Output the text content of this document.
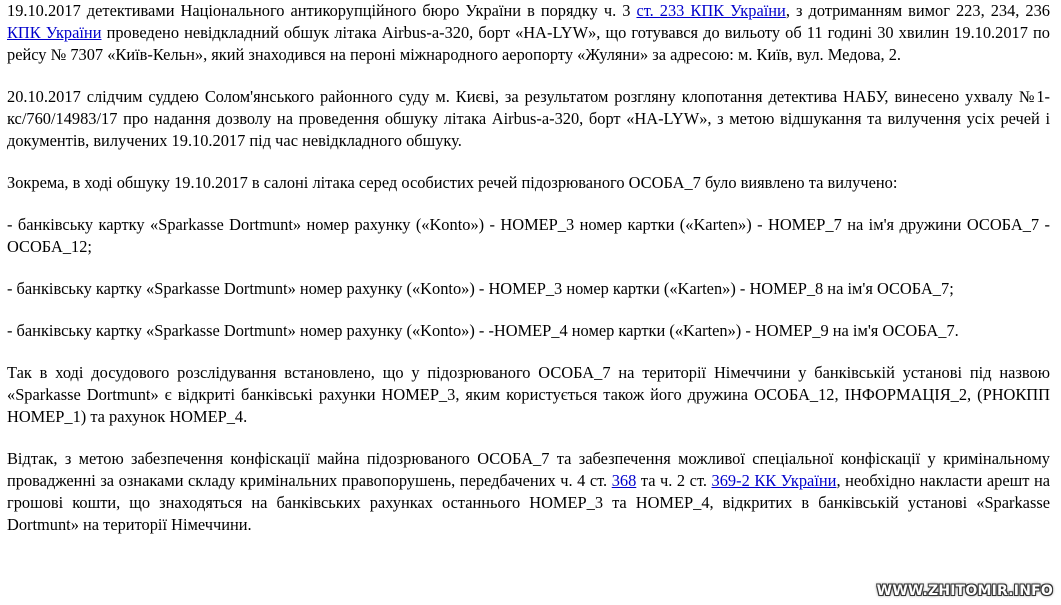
19.10.2017 детективами Національного антикорупційного бюро України в порядку ч. 3 ст. 233 КПК України, з дотриманням вимог 223, 234, 236 КПК України проведено невідкладний обшук літака Airbus-a-320, борт «HA-LYW», що готувався до вильоту об 11 годині 30 хвилин 19.10.2017 по рейсу № 7307 «Київ-Кельн», який знаходився на пероні міжнародного аеропорту «Жуляни» за адресою: м. Київ, вул. Медова, 2.

20.10.2017 слідчим суддею Солом'янського районного суду м. Києві, за результатом розгляну клопотання детектива НАБУ, винесено ухвалу №1-кс/760/14983/17 про надання дозволу на проведення обшуку літака Airbus-a-320, борт «HA-LYW», з метою відшукання та вилучення усіх речей і документів, вилучених 19.10.2017 під час невідкладного обшуку.

Зокрема, в ході обшуку 19.10.2017 в салоні літака серед особистих речей підозрюваного ОСОБА_7 було виявлено та вилучено:

- банківську картку «Sparkasse Dortmunt» номер рахунку («Konto») - НОМЕР_3 номер картки («Karten») - НОМЕР_7 на ім'я дружини ОСОБА_7 - ОСОБА_12;

- банківську картку «Sparkasse Dortmunt» номер рахунку («Konto») - НОМЕР_3 номер картки («Karten») - НОМЕР_8 на ім'я ОСОБА_7;

- банківську картку «Sparkasse Dortmunt» номер рахунку («Konto») - -НОМЕР_4 номер картки («Karten») - НОМЕР_9 на ім'я ОСОБА_7.

Так в ході досудового розслідування встановлено, що у підозрюваного ОСОБА_7 на території Німеччини у банківській установі під назвою «Sparkasse Dortmunt» є відкриті банківські рахунки НОМЕР_3, яким користується також його дружина ОСОБА_12, ІНФОРМАЦІЯ_2, (РНОКПП НОМЕР_1) та рахунок НОМЕР_4.

Відтак, з метою забезпечення конфіскації майна підозрюваного ОСОБА_7 та забезпечення можливої спеціальної конфіскації у кримінальному провадженні за ознаками складу кримінальних правопорушень, передбачених ч. 4 ст. 368 та ч. 2 ст. 369-2 КК України, необхідно накласти арешт на грошові кошти, що знаходяться на банківських рахунках останнього НОМЕР_3 та НОМЕР_4, відкритих в банківській установі «Sparkasse Dortmunt» на території Німеччини.

WWW.ZHITOMIR.INFO
